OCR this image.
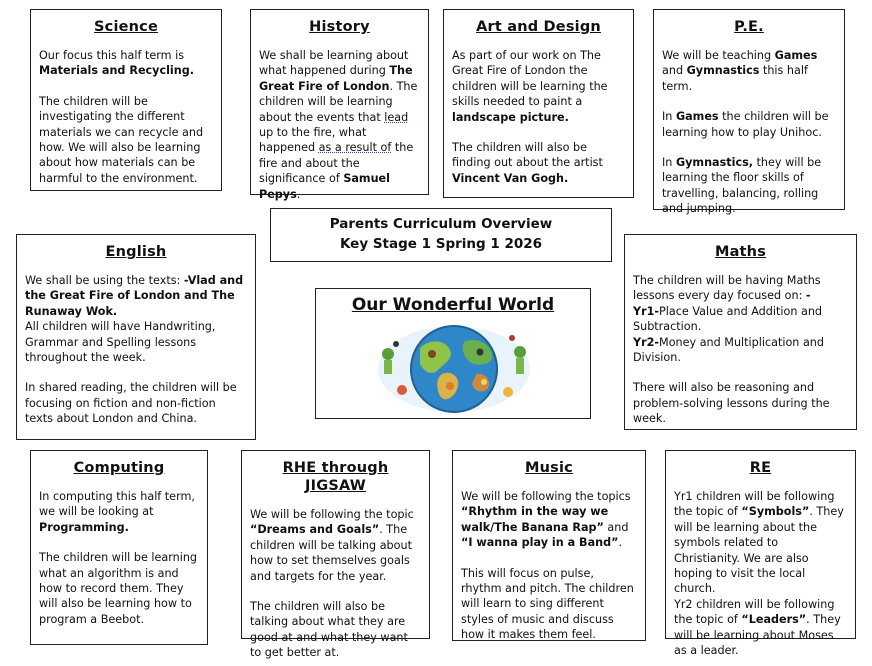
Science

Our focus this half term is Materials and Recycling.

The children will be investigating the different materials we can recycle and how. We will also be learning about how materials can be harmful to the environment.

History

We shall be learning about what happened during The Great Fire of London. The children will be learning about the events that lead up to the fire, what happened as a result of the fire and about the significance of Samuel Pepys.

Art and Design

As part of our work on The Great Fire of London the children will be learning the skills needed to paint a landscape picture.

The children will also be finding out about the artist Vincent Van Gogh.

P.E.

We will be teaching Games and Gymnastics this half term.

In Games the children will be learning how to play Unihoc.

In Gymnastics, they will be learning the floor skills of travelling, balancing, rolling and jumping.

Parents Curriculum Overview
Key Stage 1 Spring 1 2026
English

We shall be using the texts: -Vlad and the Great Fire of London and The Runaway Wok.

All children will have Handwriting, Grammar and Spelling lessons throughout the week.

In shared reading, the children will be focusing on fiction and non-fiction texts about London and China.

Our Wonderful World
Maths

The children will be having Maths lessons every day focused on: -

Yr1-Place Value and Addition and Subtraction.

Yr2-Money and Multiplication and Division.

There will also be reasoning and problem-solving lessons during the week.

Computing

In computing this half term, we will be looking at Programming.

The children will be learning what an algorithm is and how to record them. They will also be learning how to program a Beebot.

RHE through JIGSAW

We will be following the topic “Dreams and Goals”. The children will be talking about how to set themselves goals and targets for the year.

The children will also be talking about what they are good at and what they want to get better at.

Music

We will be following the topics “Rhythm in the way we walk/The Banana Rap” and “I wanna play in a Band”.

This will focus on pulse, rhythm and pitch. The children will learn to sing different styles of music and discuss how it makes them feel.

RE

Yr1 children will be following the topic of “Symbols”. They will be learning about the symbols related to Christianity. We are also hoping to visit the local church.

Yr2 children will be following the topic of “Leaders”. They will be learning about Moses as a leader.
